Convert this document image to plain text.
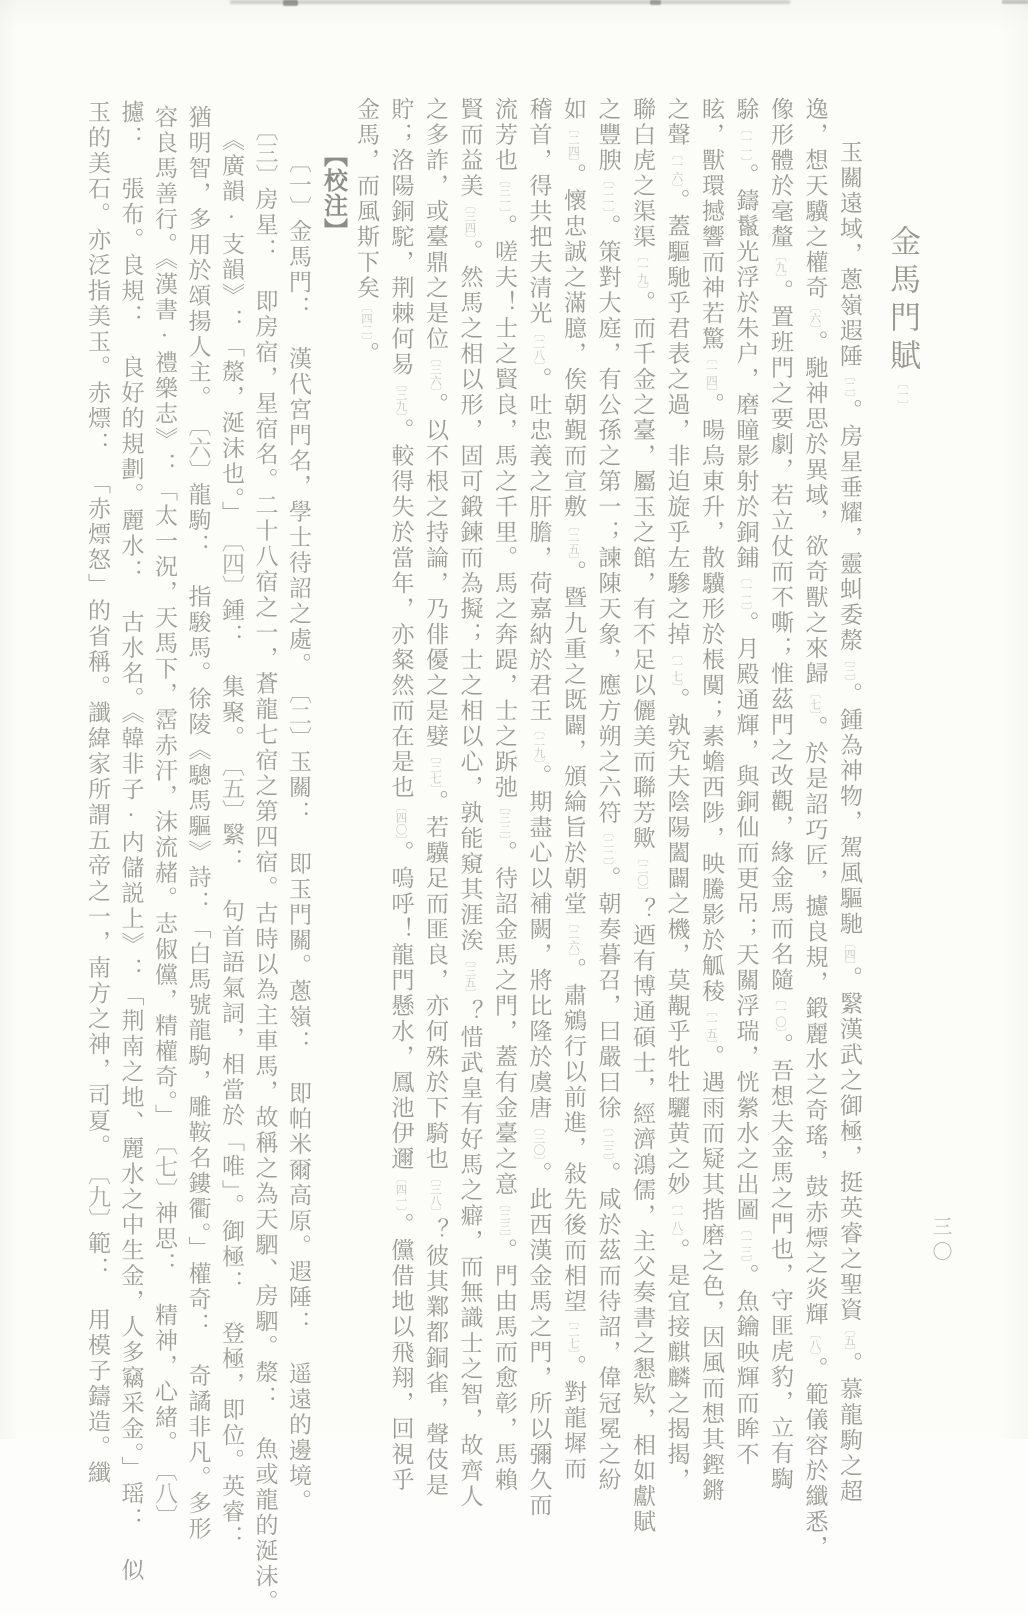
金馬門賦〔一〕
玉關遠域，蔥嶺遐陲〔二〕。房星垂耀，靈虯委漦〔三〕。鍾為神物，駕風驅馳〔四〕。繄漢武之御極，挺英睿之聖資〔五〕。慕龍駒之超
逸，想天驥之權奇〔六〕。馳神思於異域，欲奇獸之來歸〔七〕。於是詔巧匠，攄良規，鍛麗水之奇瑤，鼓赤熛之炎輝〔八〕。範儀容於纖悉，
像形體於毫釐〔九〕。置班門之要劇，若立仗而不嘶；惟茲門之改觀，緣金馬而名隨〔一〇〕。吾想夫金馬之門也，守匪虎豹，立有騊
駼〔一一〕。鑄鬣光浮於朱户，磨瞳影射於銅鋪〔一二〕。月殿通輝，與銅仙而更吊；天關浮瑞，恍縈水之出圖〔一三〕。魚鑰映輝而眸不
眩，獸環撼響而神若驚〔一四〕。暘烏東升，散驥形於棖闃；素蟾西陟，映騰影於觚稜〔一五〕。遇雨而疑其揩磨之色，因風而想其鏗鏘
之聲〔一六〕。蓋驅馳乎君表之過，非迫旋乎左驂之掉〔一七〕。孰究夫陰陽闔闢之機，莫覯乎牝牡驪黄之妙〔一八〕。是宜接麒麟之揭揭，
聯白虎之渠渠〔一九〕。而千金之臺，屬玉之館，有不足以儷美而聯芳歟〔二〇〕？迺有博通碩士，經濟鴻儒，主父奏書之懇欵，相如獻賦
之豐腴〔二一〕。策對大庭，有公孫之第一；諫陳天象，應方朔之六符〔二二〕。朝奏暮召，曰嚴曰徐〔二三〕。咸於茲而待詔，偉冠冕之紛
如〔二四〕。懷忠誠之滿臆，俟朝覲而宣敷〔二五〕。暨九重之既闢，頒綸旨於朝堂〔二六〕。肅鵷行以前進，敍先後而相望〔二七〕。對龍墀而
稽首，得共把夫清光〔二八〕。吐忠義之肝膽，荷嘉納於君王〔二九〕。期盡心以補闕，將比隆於虞唐〔三〇〕。此西漢金馬之門，所以彌久而
流芳也〔三一〕。嗟夫！士之賢良，馬之千里。馬之奔踶，士之跅弛〔三二〕。待詔金馬之門，蓋有金臺之意〔三三〕。門由馬而愈彰，馬賴
賢而益美〔三四〕。然馬之相以形，固可鍛鍊而為擬；士之相以心，孰能窺其涯涘〔三五〕？惜武皇有好馬之癖，而無識士之智，故齊人
之多詐，或臺鼎之是位〔三六〕。以不根之持論，乃俳優之是嬖〔三七〕。若驥足而匪良，亦何殊於下騎也〔三八〕？彼其鄴都銅雀，聲伎是
貯；洛陽銅駝，荆棘何易〔三九〕。較得失於當年，亦粲然而在是也〔四〇〕。嗚呼！龍門懸水，鳳池伊邇〔四一〕。儻借地以飛翔，回視乎
金馬，而風斯下矣〔四二〕。
【校注】
〔一〕金馬門：　漢代宮門名，學士待詔之處。　〔二〕玉關：　即玉門關。蔥嶺：　即帕米爾高原。遐陲：　遥遠的邊境。
〔三〕房星：　即房宿，星宿名。二十八宿之一，蒼龍七宿之第四宿。古時以為主車馬，故稱之為天駟、房駟。漦：　魚或龍的涎沫。
《廣韻·支韻》：「漦，涎沫也。」　〔四〕鍾：　集聚。　〔五〕繄：　句首語氣詞，相當於「唯」。御極：　登極，即位。英睿：
猶明智，多用於頌揚人主。　〔六〕龍駒：　指駿馬。徐陵《驄馬驅》詩：「白馬號龍駒，雕鞍名鏤衢。」權奇：　奇譎非凡。多形
容良馬善行。《漢書·禮樂志》：「太一況，天馬下，霑赤汗，沫流赭。志俶儻，精權奇。」　〔七〕神思：　精神，心緒。　〔八〕
攄：　張布。良規：　良好的規劃。麗水：　古水名。《韓非子·内儲説上》：「荆南之地、麗水之中生金，人多竊采金。」瑶：　似
玉的美石。亦泛指美玉。赤熛：　「赤熛怒」的省稱。讖緯家所謂五帝之一，南方之神，司夏。　〔九〕範：　用模子鑄造。纖	三〇
